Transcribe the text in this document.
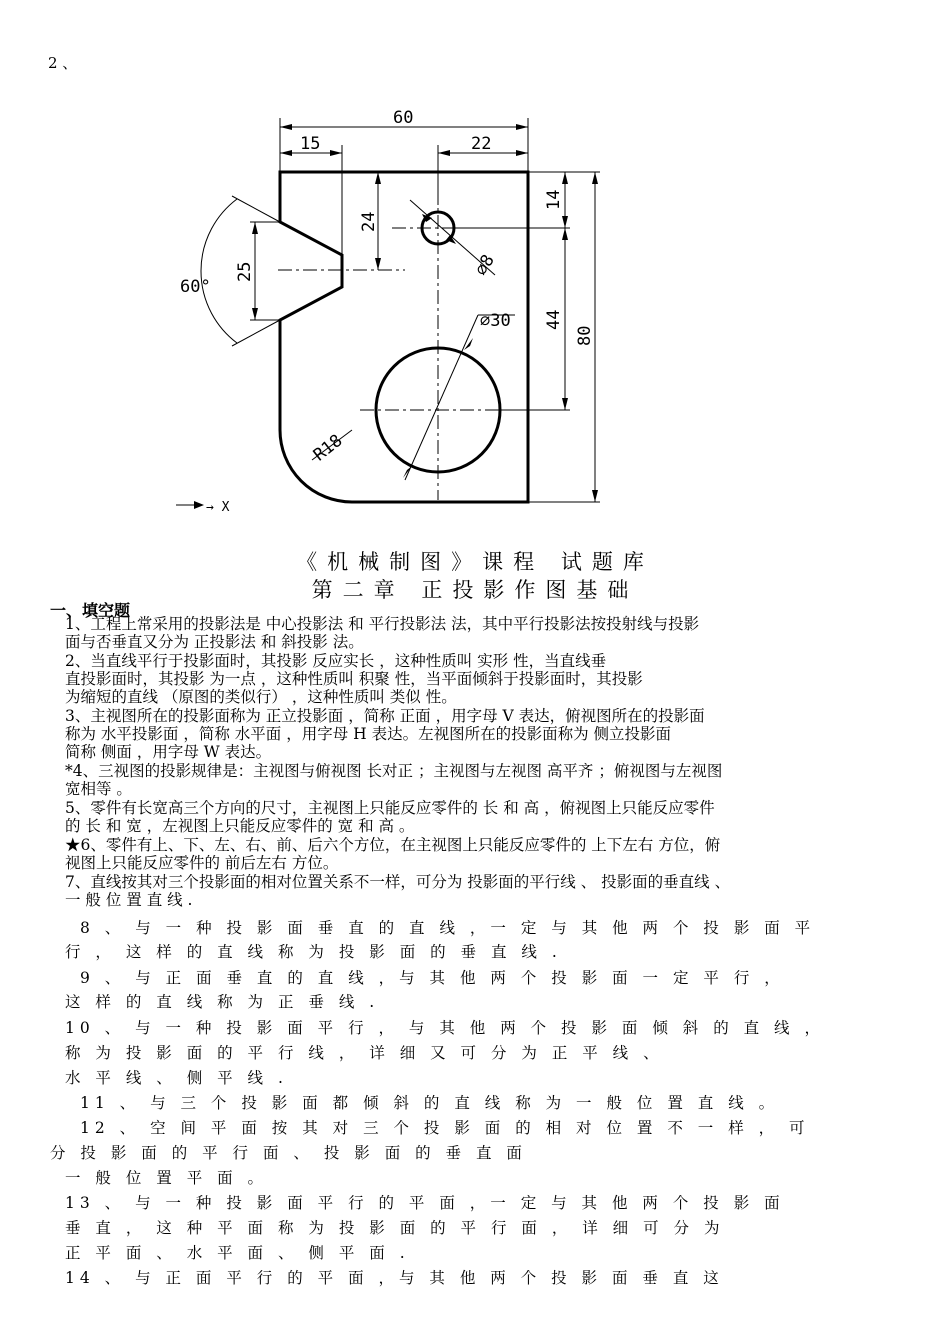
2 、
60
15	22
24
14
25
44
80
60°
⌀8
⌀30
R18
→ X
《机械制图》课程 试题库
第二章 正投影作图基础
一、填空题
1、工程上常采用的投影法是 中心投影法 和 平行投影法 法，其中平行投影法按投射线与投影
面与否垂直又分为 正投影法 和 斜投影 法。
2、当直线平行于投影面时，其投影 反应实长 ，这种性质叫 实形 性，当直线垂
直投影面时，其投影 为一点 ，这种性质叫 积聚 性，当平面倾斜于投影面时，其投影
为缩短的直线 （原图的类似行） ，这种性质叫 类似 性。
3、主视图所在的投影面称为 正立投影面 ，简称 正面 ，用字母 V 表达，俯视图所在的投影面
称为 水平投影面 ，简称 水平面 ，用字母 H 表达。左视图所在的投影面称为 侧立投影面
简称 侧面 ，用字母 W 表达。
*4、三视图的投影规律是：主视图与俯视图 长对正 ；主视图与左视图 高平齐 ；俯视图与左视图
宽相等 。
5、零件有长宽高三个方向的尺寸，主视图上只能反应零件的 长 和 高 ，俯视图上只能反应零件
的 长 和 宽 ，左视图上只能反应零件的 宽 和 高 。
★6、零件有上、下、左、右、前、后六个方位，在主视图上只能反应零件的 上下左右 方位，俯
视图上只能反应零件的 前后左右 方位。
7、直线按其对三个投影面的相对位置关系不一样，可分为 投影面的平行线 、 投影面的垂直线 、
一 般 位 置 直 线 .
8 、 与 一 种 投 影 面 垂 直 的 直 线 ，一 定 与 其 他 两 个 投 影 面 平
行 ， 这 样 的 直 线 称 为 投 影 面 的 垂 直 线 .
9 、 与 正 面 垂 直 的 直 线 ，与 其 他 两 个 投 影 面 一 定 平 行 ，
这 样 的 直 线 称 为 正 垂 线 .
10 、 与 一 种 投 影 面 平 行 ， 与 其 他 两 个 投 影 面 倾 斜 的 直 线 ，
称 为 投 影 面 的 平 行 线 ， 详 细 又 可 分 为 正 平 线 、
水 平 线 、 侧 平 线 .
11 、 与 三 个 投 影 面 都 倾 斜 的 直 线 称 为 一 般 位 置 直 线 。
12 、 空 间 平 面 按 其 对 三 个 投 影 面 的 相 对 位 置 不 一 样 ， 可
分 投 影 面 的 平 行 面 、 投 影 面 的 垂 直 面
一 般 位 置 平 面 。
13 、 与 一 种 投 影 面 平 行 的 平 面 ，一 定 与 其 他 两 个 投 影 面
垂 直 ， 这 种 平 面 称 为 投 影 面 的 平 行 面 ， 详 细 可 分 为
正 平 面 、 水 平 面 、 侧 平 面 .
14 、 与 正 面 平 行 的 平 面 ，与 其 他 两 个 投 影 面 垂 直 这
